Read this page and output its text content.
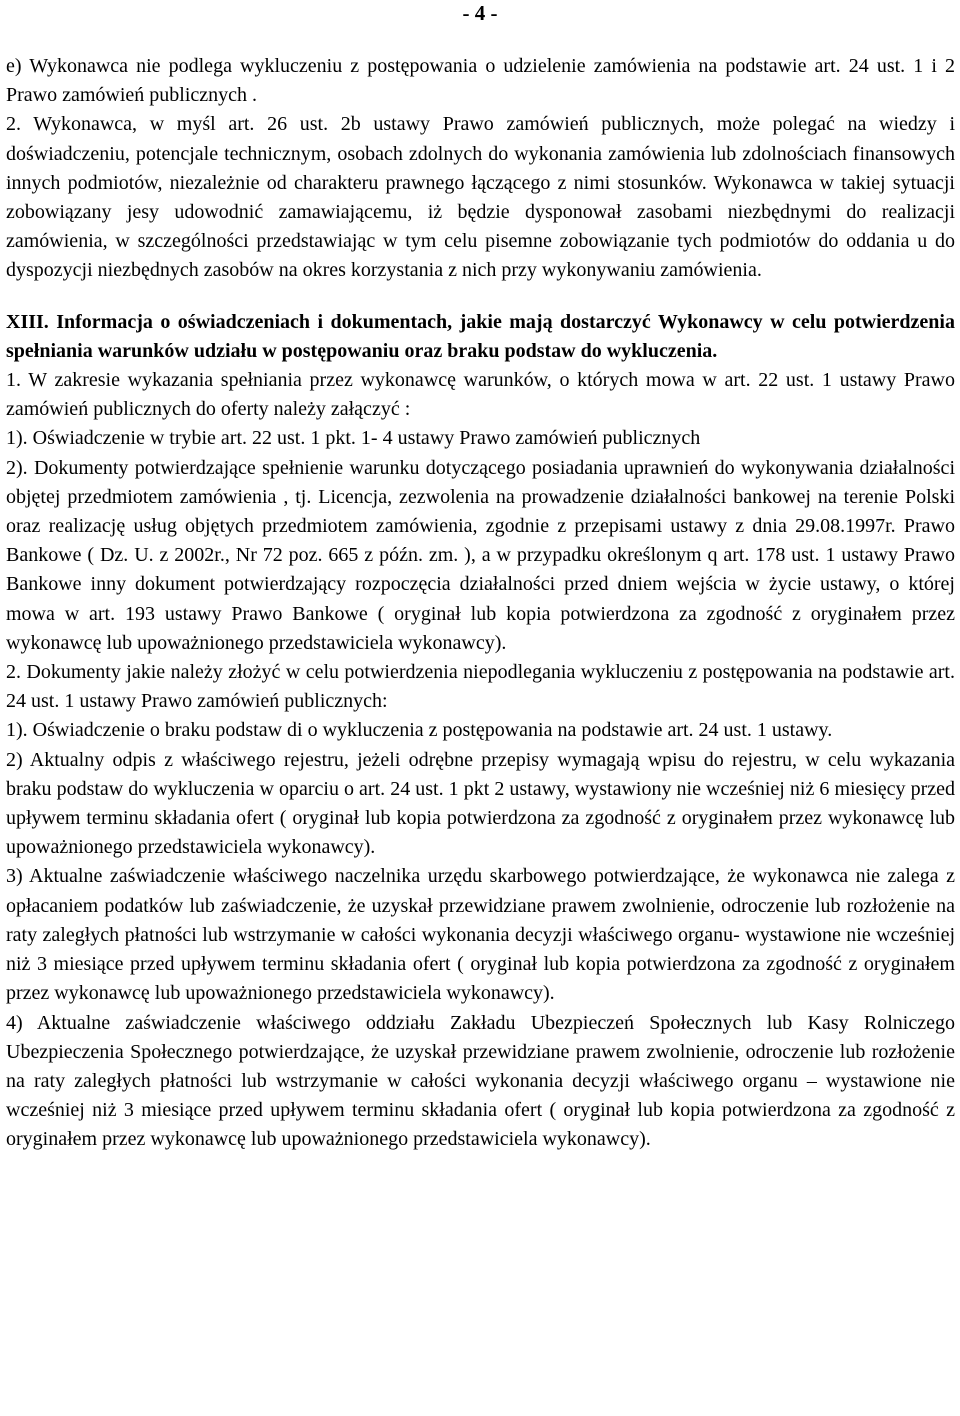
- 4 -

e) Wykonawca nie podlega wykluczeniu z postępowania o udzielenie zamówienia na podstawie art. 24 ust. 1 i 2 Prawo zamówień publicznych .

2. Wykonawca, w myśl art. 26 ust. 2b ustawy Prawo zamówień publicznych, może polegać na wiedzy i doświadczeniu, potencjale technicznym, osobach zdolnych do wykonania zamówienia lub zdolnościach finansowych innych podmiotów, niezależnie od charakteru prawnego łączącego z nimi stosunków. Wykonawca w takiej sytuacji zobowiązany jesy udowodnić zamawiającemu, iż będzie dysponował zasobami niezbędnymi do realizacji zamówienia, w szczególności przedstawiając w tym celu pisemne zobowiązanie tych podmiotów do oddania u do dyspozycji niezbędnych zasobów na okres korzystania z nich przy wykonywaniu zamówienia.

XIII. Informacja o oświadczeniach i dokumentach, jakie mają dostarczyć Wykonawcy w celu potwierdzenia spełniania warunków udziału w postępowaniu oraz braku podstaw do wykluczenia.

1. W zakresie wykazania spełniania przez wykonawcę warunków, o których mowa w art. 22 ust. 1 ustawy Prawo zamówień publicznych do oferty należy załączyć :

1). Oświadczenie w trybie art. 22 ust. 1 pkt. 1- 4 ustawy Prawo zamówień publicznych

2). Dokumenty potwierdzające spełnienie warunku dotyczącego posiadania uprawnień do wykonywania działalności objętej przedmiotem zamówienia , tj. Licencja, zezwolenia na prowadzenie działalności bankowej na terenie Polski oraz realizację usług objętych przedmiotem zamówienia, zgodnie z przepisami ustawy z dnia 29.08.1997r. Prawo Bankowe ( Dz. U. z 2002r., Nr 72 poz. 665 z późn. zm. ), a w przypadku określonym q art. 178 ust. 1 ustawy Prawo Bankowe inny dokument potwierdzający rozpoczęcia działalności przed dniem wejścia w życie ustawy, o której mowa w art. 193 ustawy Prawo Bankowe ( oryginał lub kopia potwierdzona za zgodność z oryginałem przez wykonawcę lub upoważnionego przedstawiciela wykonawcy).

2. Dokumenty jakie należy złożyć w celu potwierdzenia niepodlegania wykluczeniu z postępowania na podstawie art. 24 ust. 1 ustawy Prawo zamówień publicznych:

1). Oświadczenie o braku podstaw di o wykluczenia z postępowania na podstawie art. 24 ust. 1 ustawy.

2) Aktualny odpis z właściwego rejestru, jeżeli odrębne przepisy wymagają wpisu do rejestru, w celu wykazania braku podstaw do wykluczenia w oparciu o art. 24 ust. 1 pkt 2 ustawy, wystawiony nie wcześniej niż 6 miesięcy przed upływem terminu składania ofert ( oryginał lub kopia potwierdzona za zgodność z oryginałem przez wykonawcę lub upoważnionego przedstawiciela wykonawcy).

3) Aktualne zaświadczenie właściwego naczelnika urzędu skarbowego potwierdzające, że wykonawca nie zalega z opłacaniem podatków lub zaświadczenie, że uzyskał przewidziane prawem zwolnienie, odroczenie lub rozłożenie na raty zaległych płatności lub wstrzymanie w całości wykonania decyzji właściwego organu- wystawione nie wcześniej niż 3 miesiące przed upływem terminu składania ofert ( oryginał lub kopia potwierdzona za zgodność z oryginałem przez wykonawcę lub upoważnionego przedstawiciela wykonawcy).

4) Aktualne zaświadczenie właściwego oddziału Zakładu Ubezpieczeń Społecznych lub Kasy Rolniczego Ubezpieczenia Społecznego potwierdzające, że uzyskał przewidziane prawem zwolnienie, odroczenie lub rozłożenie na raty zaległych płatności lub wstrzymanie w całości wykonania decyzji właściwego organu – wystawione nie wcześniej niż 3 miesiące przed upływem terminu składania ofert ( oryginał lub kopia potwierdzona za zgodność z oryginałem przez wykonawcę lub upoważnionego przedstawiciela wykonawcy).
